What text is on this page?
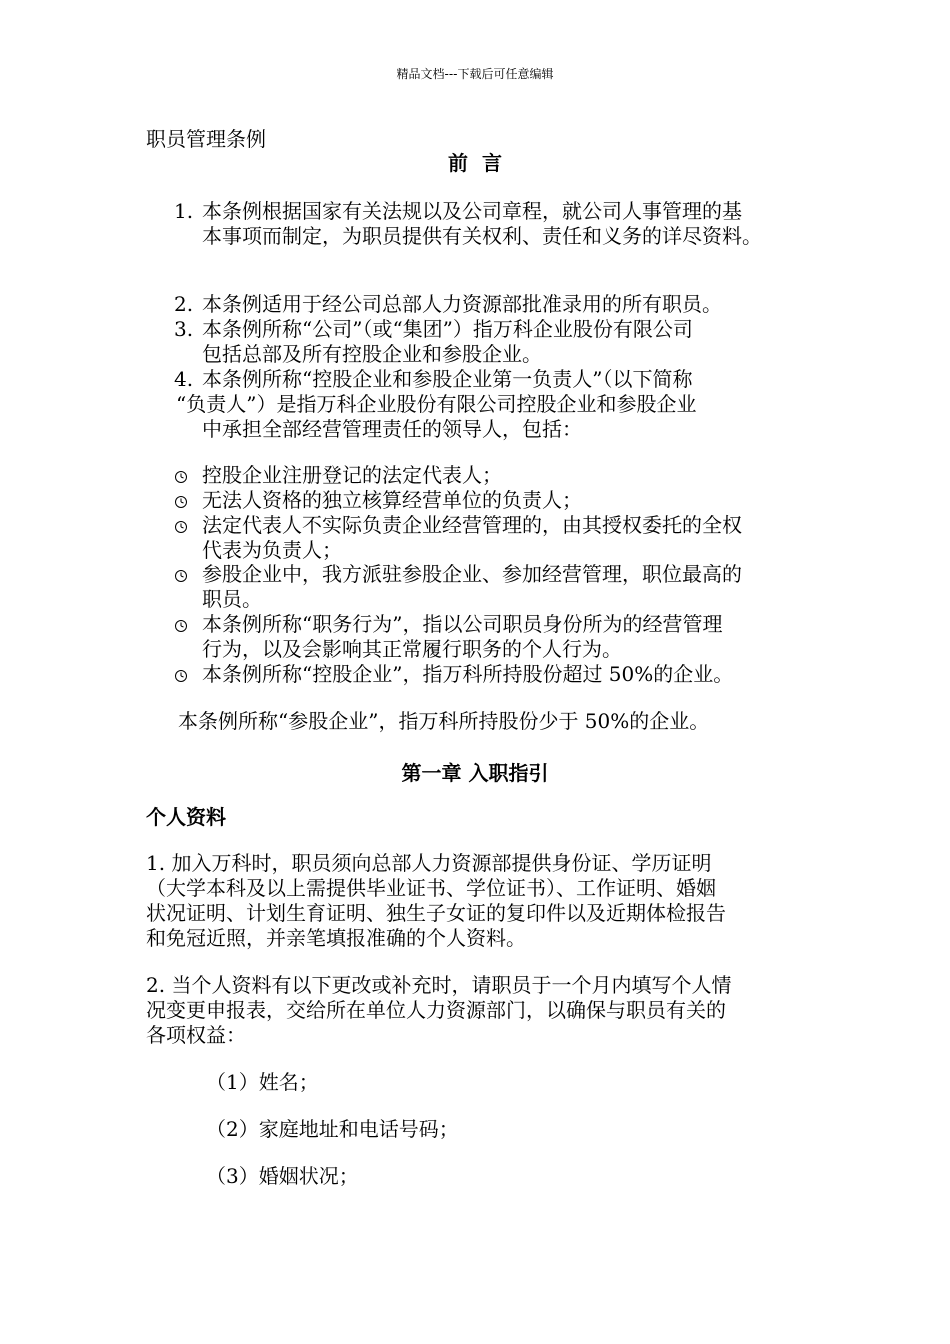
精品文档---下载后可任意编辑
职员管理条例
前言
1. 本条例根据国家有关法规以及公司章程，就公司人事管理的基
本事项而制定，为职员提供有关权利、责任和义务的详尽资料。
2. 本条例适用于经公司总部人力资源部批准录用的所有职员。
3. 本条例所称“公司”（或“集团”）指万科企业股份有限公司
包括总部及所有控股企业和参股企业。
4. 本条例所称“控股企业和参股企业第一负责人”（以下简称
“负责人”）是指万科企业股份有限公司控股企业和参股企业
中承担全部经营管理责任的领导人，包括：
控股企业注册登记的法定代表人；
无法人资格的独立核算经营单位的负责人；
法定代表人不实际负责企业经营管理的，由其授权委托的全权
代表为负责人；
参股企业中，我方派驻参股企业、参加经营管理，职位最高的
职员。
本条例所称“职务行为”，指以公司职员身份所为的经营管理
行为，以及会影响其正常履行职务的个人行为。
本条例所称“控股企业”，指万科所持股份超过 50%的企业。
本条例所称“参股企业”，指万科所持股份少于 50%的企业。
第一章 入职指引
个人资料
1. 加入万科时，职员须向总部人力资源部提供身份证、学历证明
（大学本科及以上需提供毕业证书、学位证书）、工作证明、婚姻
状况证明、计划生育证明、独生子女证的复印件以及近期体检报告
和免冠近照，并亲笔填报准确的个人资料。
2. 当个人资料有以下更改或补充时，请职员于一个月内填写个人情
况变更申报表，交给所在单位人力资源部门，以确保与职员有关的
各项权益：
（1）姓名；
（2）家庭地址和电话号码；
（3）婚姻状况；
